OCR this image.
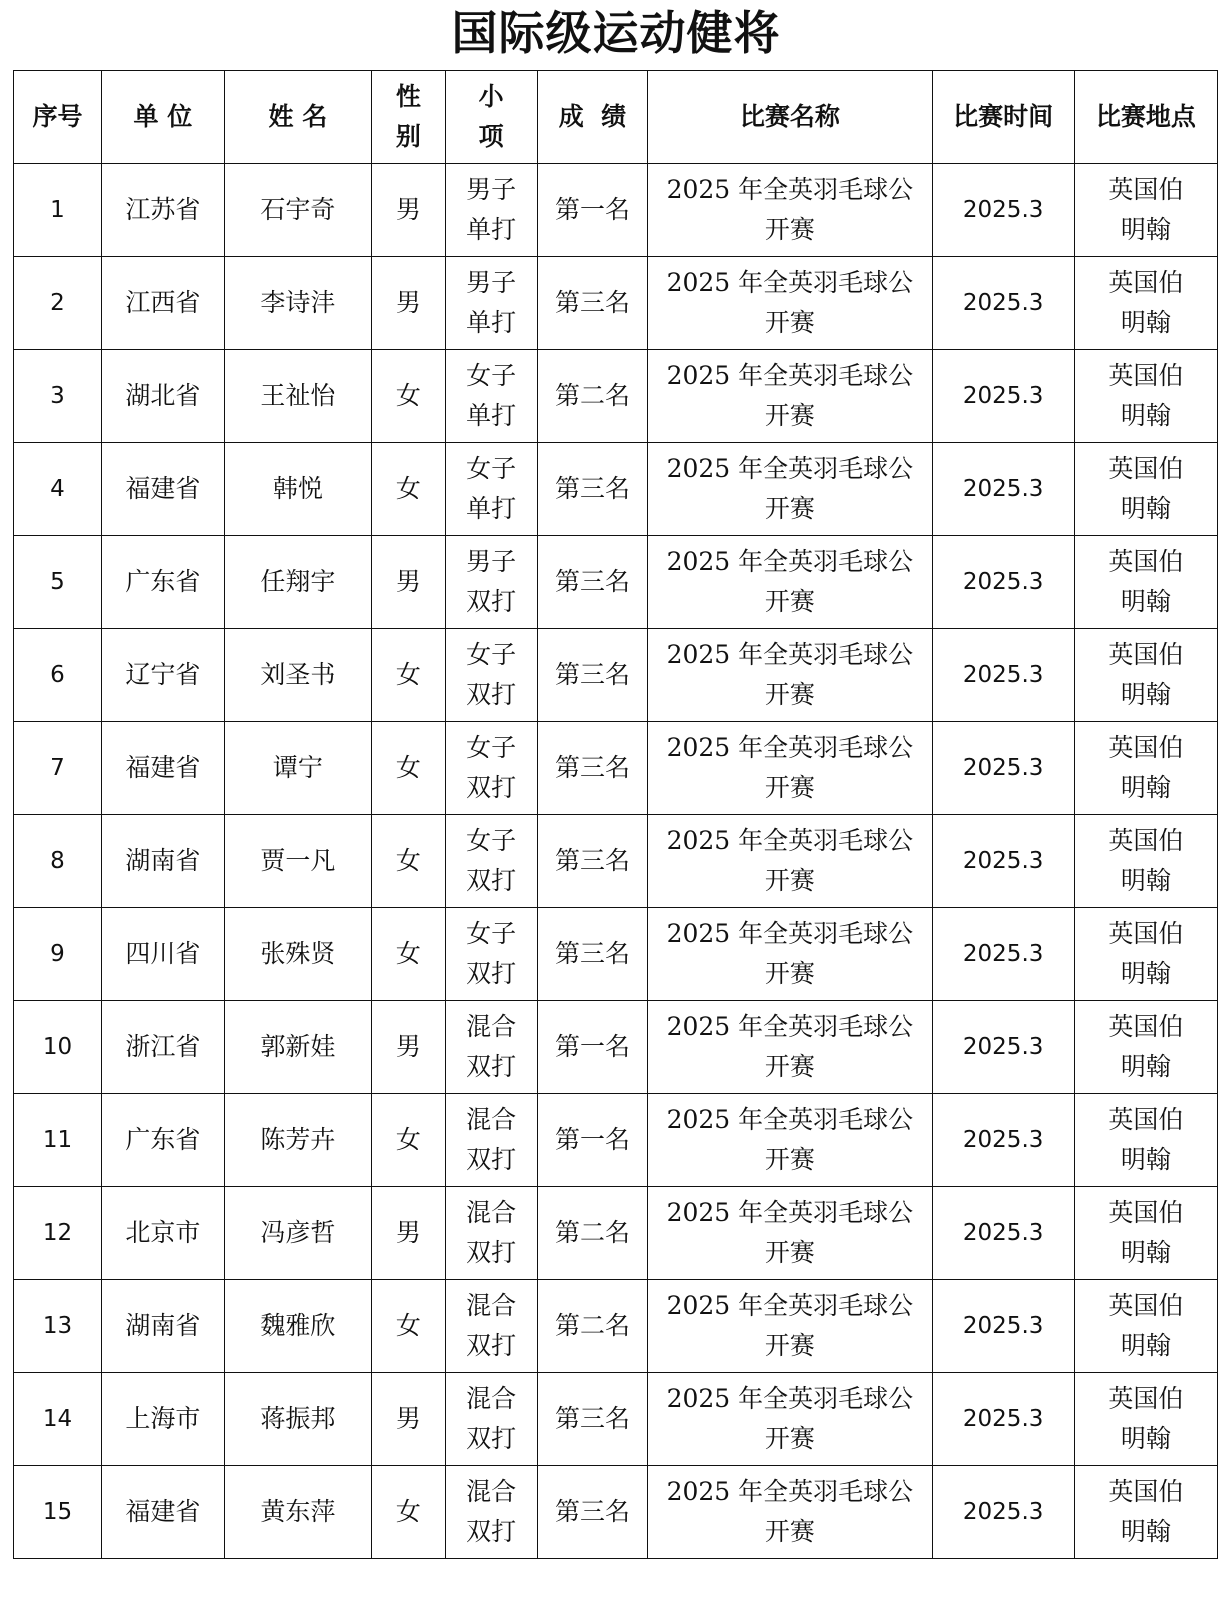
国际级运动健将
序号	单 位	姓 名	性别	小项	成  绩	比赛名称	比赛时间	比赛地点
1	江苏省	石宇奇	男	男子单打	第一名	2025 年全英羽毛球公开赛	2025.3	英国伯明翰

2	江西省	李诗沣	男	男子单打	第三名	2025 年全英羽毛球公开赛	2025.3	英国伯明翰

3	湖北省	王祉怡	女	女子单打	第二名	2025 年全英羽毛球公开赛	2025.3	英国伯明翰

4	福建省	韩悦	女	女子单打	第三名	2025 年全英羽毛球公开赛	2025.3	英国伯明翰

5	广东省	任翔宇	男	男子双打	第三名	2025 年全英羽毛球公开赛	2025.3	英国伯明翰

6	辽宁省	刘圣书	女	女子双打	第三名	2025 年全英羽毛球公开赛	2025.3	英国伯明翰

7	福建省	谭宁	女	女子双打	第三名	2025 年全英羽毛球公开赛	2025.3	英国伯明翰

8	湖南省	贾一凡	女	女子双打	第三名	2025 年全英羽毛球公开赛	2025.3	英国伯明翰

9	四川省	张殊贤	女	女子双打	第三名	2025 年全英羽毛球公开赛	2025.3	英国伯明翰

10	浙江省	郭新娃	男	混合双打	第一名	2025 年全英羽毛球公开赛	2025.3	英国伯明翰

11	广东省	陈芳卉	女	混合双打	第一名	2025 年全英羽毛球公开赛	2025.3	英国伯明翰

12	北京市	冯彦哲	男	混合双打	第二名	2025 年全英羽毛球公开赛	2025.3	英国伯明翰

13	湖南省	魏雅欣	女	混合双打	第二名	2025 年全英羽毛球公开赛	2025.3	英国伯明翰

14	上海市	蒋振邦	男	混合双打	第三名	2025 年全英羽毛球公开赛	2025.3	英国伯明翰

15	福建省	黄东萍	女	混合双打	第三名	2025 年全英羽毛球公开赛	2025.3	英国伯明翰
